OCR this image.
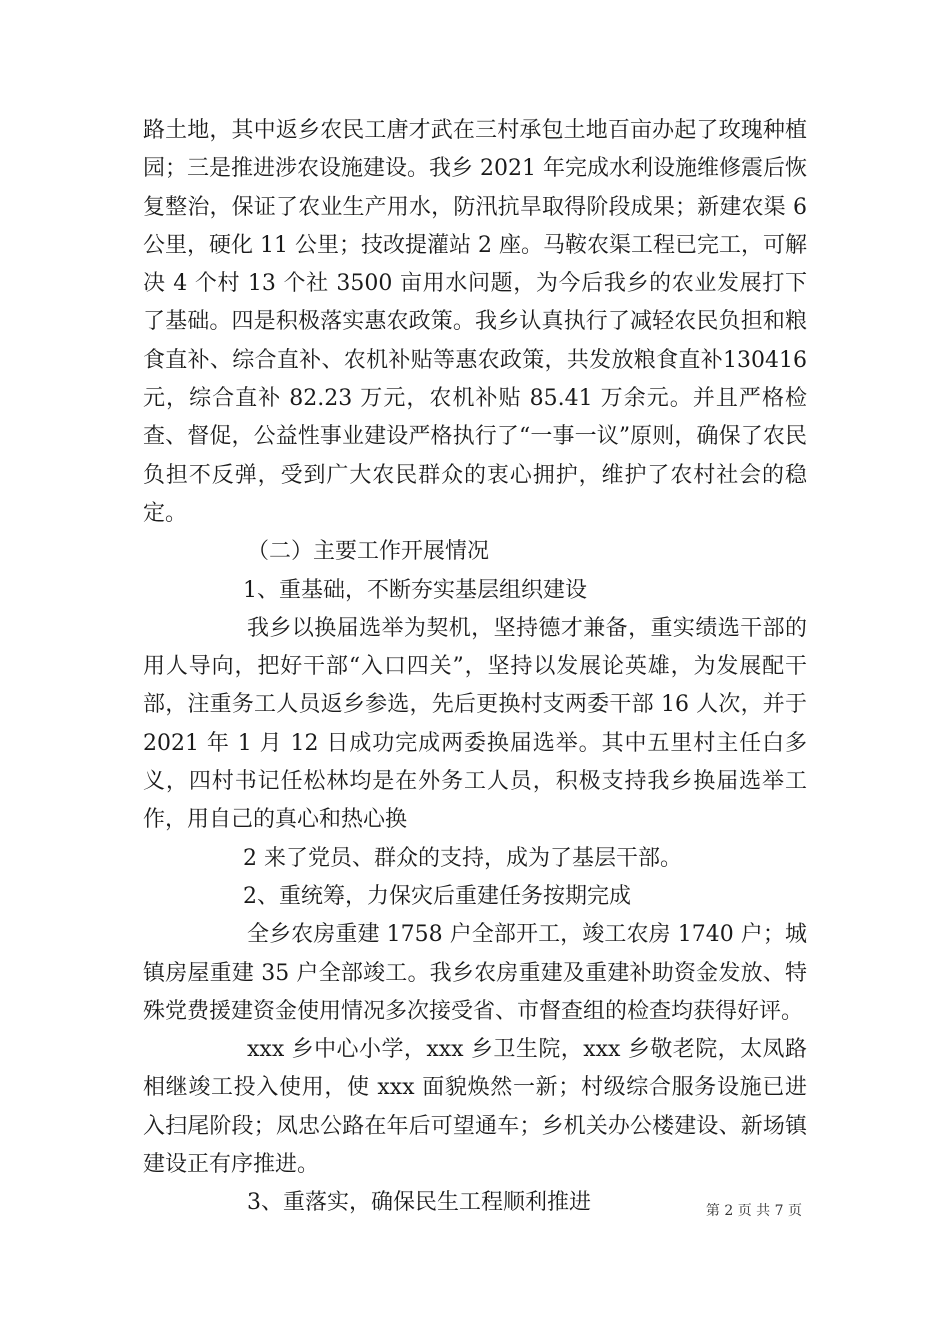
路土地，其中返乡农民工唐才武在三村承包土地百亩办起了玫瑰种植园；三是推进涉农设施建设。我乡 2021 年完成水利设施维修震后恢复整治，保证了农业生产用水，防汛抗旱取得阶段成果；新建农渠 6 公里，硬化 11 公里；技改提灌站 2 座。马鞍农渠工程已完工，可解决 4 个村 13 个社 3500 亩用水问题，为今后我乡的农业发展打下了基础。四是积极落实惠农政策。我乡认真执行了减轻农民负担和粮食直补、综合直补、农机补贴等惠农政策，共发放粮食直补130416 元，综合直补 82.23 万元，农机补贴 85.41 万余元。并且严格检查、督促，公益性事业建设严格执行了“一事一议”原则，确保了农民负担不反弹，受到广大农民群众的衷心拥护，维护了农村社会的稳定。

（二）主要工作开展情况

1、重基础，不断夯实基层组织建设

我乡以换届选举为契机，坚持德才兼备，重实绩选干部的用人导向，把好干部“入口四关”，坚持以发展论英雄，为发展配干部，注重务工人员返乡参选，先后更换村支两委干部 16 人次，并于 2021 年 1 月 12 日成功完成两委换届选举。其中五里村主任白多义，四村书记任松林均是在外务工人员，积极支持我乡换届选举工作，用自己的真心和热心换

2 来了党员、群众的支持，成为了基层干部。

2、重统筹，力保灾后重建任务按期完成

全乡农房重建 1758 户全部开工，竣工农房 1740 户；城镇房屋重建 35 户全部竣工。我乡农房重建及重建补助资金发放、特殊党费援建资金使用情况多次接受省、市督查组的检查均获得好评。

xxx 乡中心小学，xxx 乡卫生院，xxx 乡敬老院，太凤路相继竣工投入使用，使 xxx 面貌焕然一新；村级综合服务设施已进入扫尾阶段；凤忠公路在年后可望通车；乡机关办公楼建设、新场镇建设正有序推进。

3、重落实，确保民生工程顺利推进	第 2 页 共 7 页
